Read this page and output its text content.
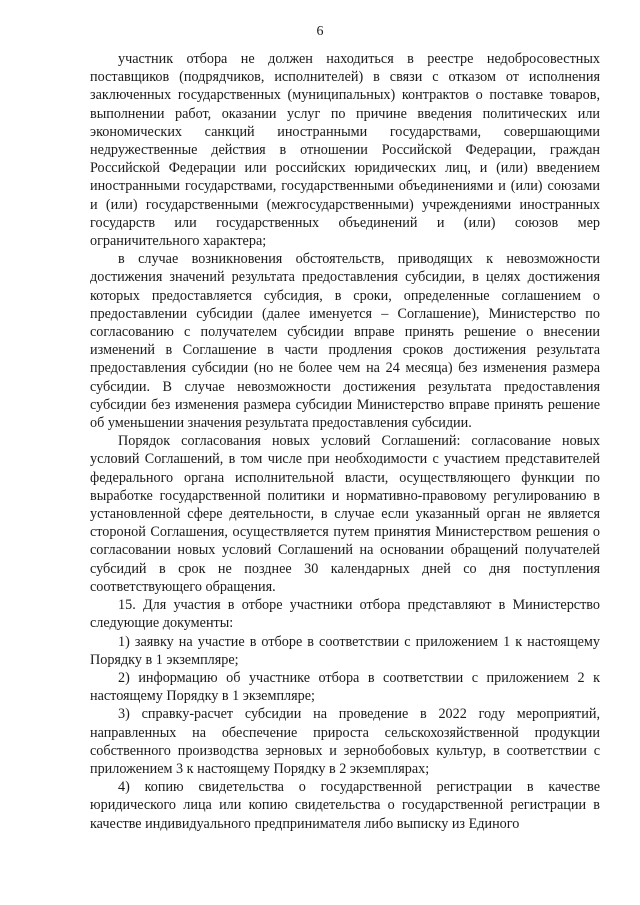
6

участник отбора не должен находиться в реестре недобросовестных поставщиков (подрядчиков, исполнителей) в связи с отказом от исполнения заключенных государственных (муниципальных) контрактов о поставке товаров, выполнении работ, оказании услуг по причине введения политических или экономических санкций иностранными государствами, совершающими недружественные действия в отношении Российской Федерации, граждан Российской Федерации или российских юридических лиц, и (или) введением иностранными государствами, государственными объединениями и (или) союзами и (или) государственными (межгосударственными) учреждениями иностранных государств или государственных объединений и (или) союзов мер ограничительного характера;

в случае возникновения обстоятельств, приводящих к невозможности достижения значений результата предоставления субсидии, в целях достижения которых предоставляется субсидия, в сроки, определенные соглашением о предоставлении субсидии (далее именуется – Соглашение), Министерство по согласованию с получателем субсидии вправе принять решение о внесении изменений в Соглашение в части продления сроков достижения результата предоставления субсидии (но не более чем на 24 месяца) без изменения размера субсидии. В случае невозможности достижения результата предоставления субсидии без изменения размера субсидии Министерство вправе принять решение об уменьшении значения результата предоставления субсидии.

Порядок согласования новых условий Соглашений: согласование новых условий Соглашений, в том числе при необходимости с участием представителей федерального органа исполнительной власти, осуществляющего функции по выработке государственной политики и нормативно-правовому регулированию в установленной сфере деятельности, в случае если указанный орган не является стороной Соглашения, осуществляется путем принятия Министерством решения о согласовании новых условий Соглашений на основании обращений получателей субсидий в срок не позднее 30 календарных дней со дня поступления соответствующего обращения.

15. Для участия в отборе участники отбора представляют в Министерство следующие документы:

1) заявку на участие в отборе в соответствии с приложением 1 к настоящему Порядку в 1 экземпляре;

2) информацию об участнике отбора в соответствии с приложением 2 к настоящему Порядку в 1 экземпляре;

3) справку-расчет субсидии на проведение в 2022 году мероприятий, направленных на обеспечение прироста сельскохозяйственной продукции собственного производства зерновых и зернобобовых культур, в соответствии с приложением 3 к настоящему Порядку в 2 экземплярах;

4) копию свидетельства о государственной регистрации в качестве юридического лица или копию свидетельства о государственной регистрации в качестве индивидуального предпринимателя либо выписку из Единого
